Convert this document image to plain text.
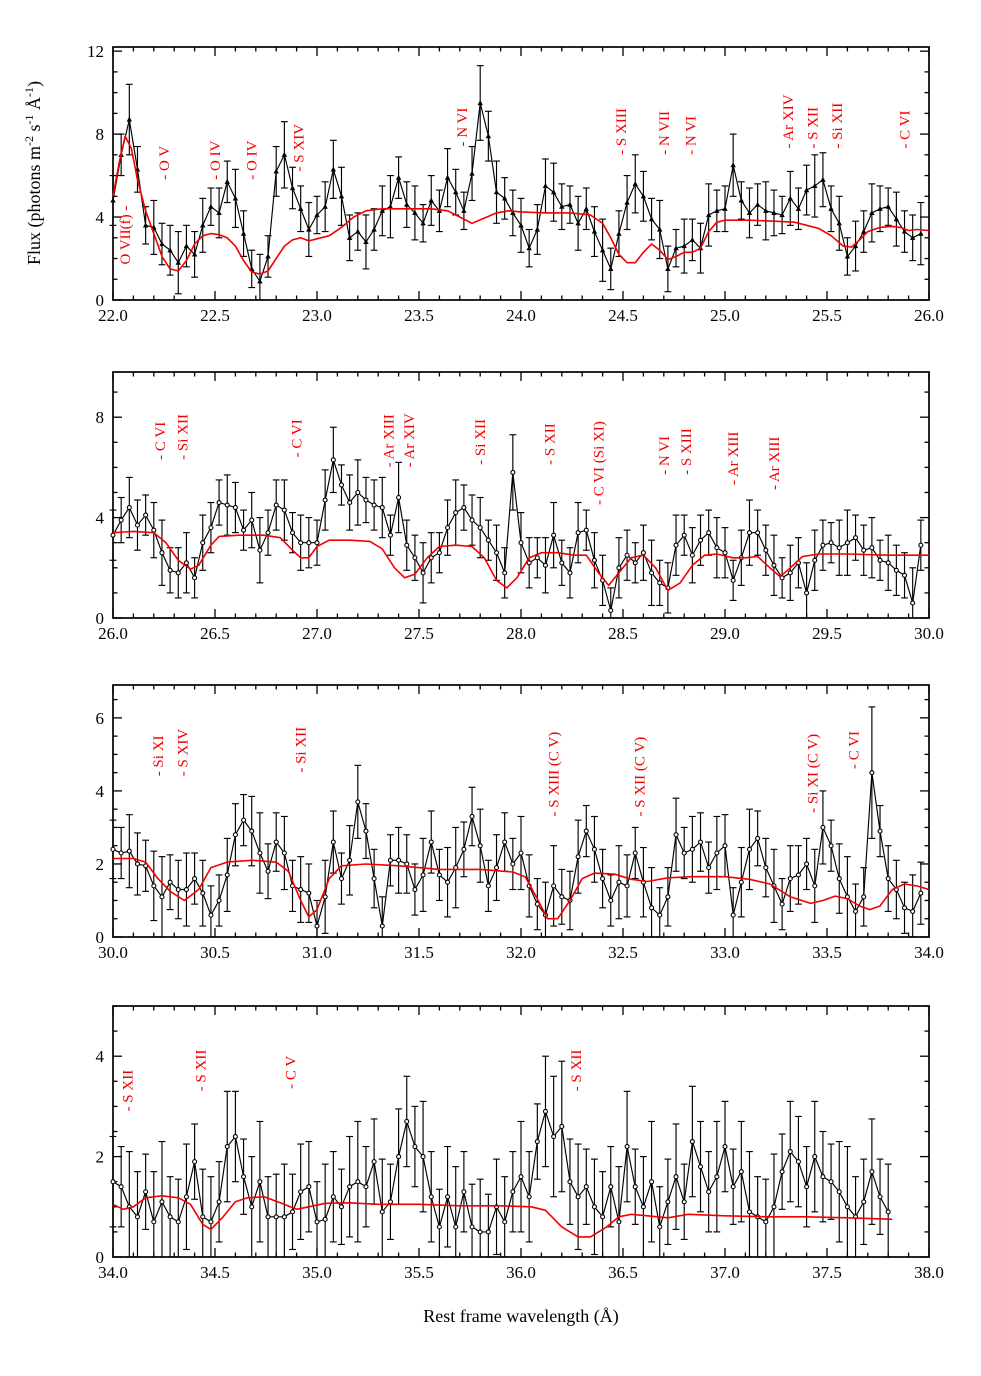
22.0	22.5	23.0	23.5	24.0	24.5	25.0	25.5	26.0
0
4
8
12
O VII(f) -
- O V - O IV - O IV - S XIV	- N VI	- S XIII - N VII - N VI	- Ar XIV - S XII - Si XII	- C VI
26.0	26.5	27.0	27.5	28.0	28.5	29.0	29.5	30.0
0
4
8
- C VI - Si XII	- C VI	- Ar XIII - Ar XIV	- Si XII	- S XII - C VI (Si XI)	- N VI - S XIII - Ar XIII - Ar XIII
30.0	30.5	31.0	31.5	32.0	32.5	33.0	33.5	34.0
0
2
4
6
- Si XI - S XIV	- Si XII	- S XIII (C V)	- S XII (C V)	- Si XI (C V) - C VI
34.0	34.5	35.0	35.5	36.0	36.5	37.0	37.5	38.0
0
2
4
- S XII	- S XII	- C V	- S XII
Flux (photons $m^{-2}$ $s^{-1}$ $Å^{-1}$)
Rest frame wavelength (Å)
